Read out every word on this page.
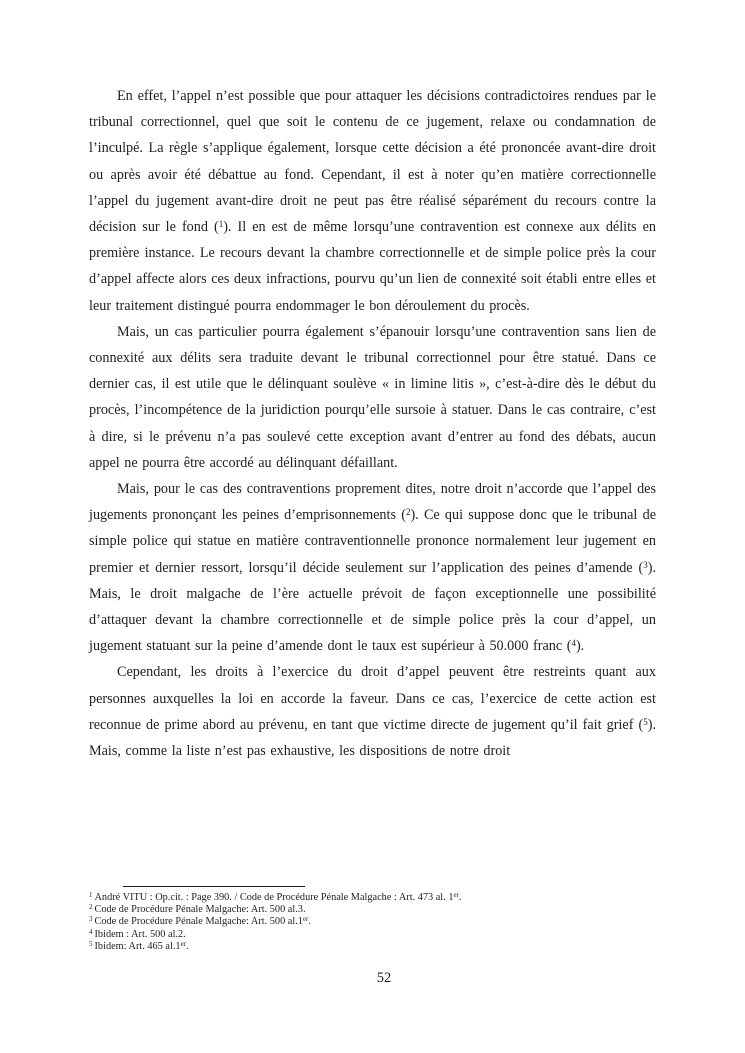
En effet, l’appel n’est possible que pour attaquer les décisions contradictoires rendues par le tribunal correctionnel, quel que soit le contenu de ce jugement, relaxe ou condamnation de l’inculpé. La règle s’applique également, lorsque cette décision a été prononcée avant-dire droit ou après avoir été débattue au fond. Cependant, il est à noter qu’en matière correctionnelle l’appel du jugement avant-dire droit ne peut pas être réalisé séparément du recours contre la décision sur le fond ($^1$). Il en est de même lorsqu’une contravention est connexe aux délits en première instance. Le recours devant la chambre correctionnelle et de simple police près la cour d’appel affecte alors ces deux infractions, pourvu qu’un lien de connexité soit établi entre elles et leur traitement distingué pourra endommager le bon déroulement du procès.

Mais, un cas particulier pourra également s’épanouir lorsqu’une contravention sans lien de connexité aux délits sera traduite devant le tribunal correctionnel pour être statué. Dans ce dernier cas, il est utile que le délinquant soulève « in limine litis », c’est-à-dire dès le début du procès, l’incompétence de la juridiction pourqu’elle sursoie à statuer. Dans le cas contraire, c’est à dire, si le prévenu n’a pas soulevé cette exception avant d’entrer au fond des débats, aucun appel ne pourra être accordé au délinquant défaillant.

Mais, pour le cas des contraventions proprement dites, notre droit n’accorde que l’appel des jugements prononçant les peines d’emprisonnements ($^2$). Ce qui suppose donc que le tribunal de simple police qui statue en matière contraventionnelle prononce normalement leur jugement en premier et dernier ressort, lorsqu’il décide seulement sur l’application des peines d’amende ($^3$). Mais, le droit malgache de l’ère actuelle prévoit de façon exceptionnelle une possibilité d’attaquer devant la chambre correctionnelle et de simple police près la cour d’appel, un jugement statuant sur la peine d’amende dont le taux est supérieur à 50.000 franc ($^4$).

Cependant, les droits à l’exercice du droit d’appel peuvent être restreints quant aux personnes auxquelles la loi en accorde la faveur. Dans ce cas, l’exercice de cette action est reconnue de prime abord au prévenu, en tant que victime directe de jugement qu’il fait grief ($^5$). Mais, comme la liste n’est pas exhaustive, les dispositions de notre droit

$^1$ André VITU : Op.cit. : Page 390. / Code de Procédure Pénale Malgache : Art. 473 al. 1er.
$^2$ Code de Procédure Pénale Malgache: Art. 500 al.3.
$^3$ Code de Procédure Pénale Malgache: Art. 500 al.1er.
$^4$ Ibidem : Art. 500 al.2.
$^5$ Ibidem: Art. 465 al.1er.
52
